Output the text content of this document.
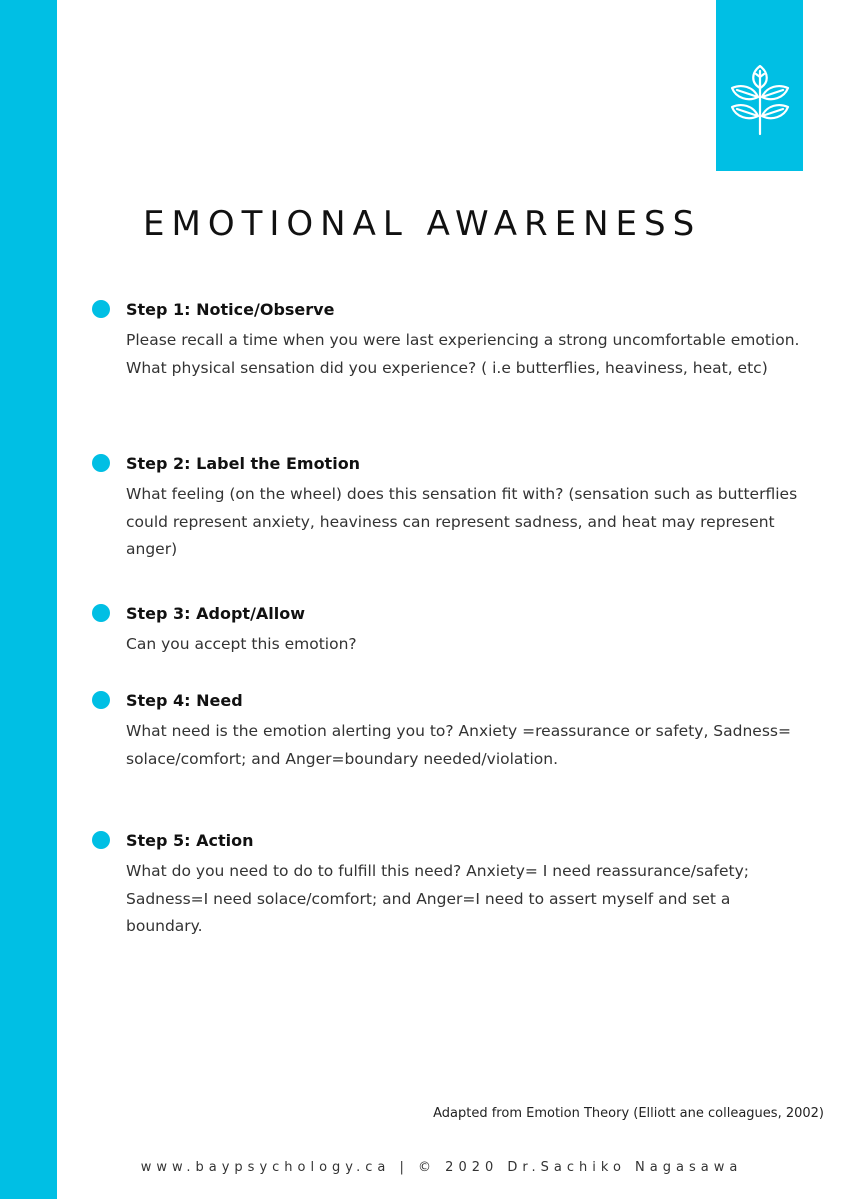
EMOTIONAL AWARENESS
Step 1: Notice/Observe
Please recall a time when you were last experiencing a strong uncomfortable emotion. What physical sensation did you experience? ( i.e butterflies, heaviness, heat, etc)
Step 2: Label the Emotion
What feeling (on the wheel) does this sensation fit with? (sensation such as butterflies could represent anxiety, heaviness can represent sadness, and heat may represent anger)
Step 3: Adopt/Allow
Can you accept this emotion?
Step 4: Need
What need is the emotion alerting you to? Anxiety =reassurance or safety, Sadness= solace/comfort; and Anger=boundary needed/violation.
Step 5: Action
What do you need to do to fulfill this need? Anxiety= I need reassurance/safety; Sadness=I need solace/comfort; and Anger=I need to assert myself and set a boundary.
Adapted from Emotion Theory (Elliott ane colleagues, 2002)
www.baypsychology.ca | © 2020 Dr.Sachiko Nagasawa
